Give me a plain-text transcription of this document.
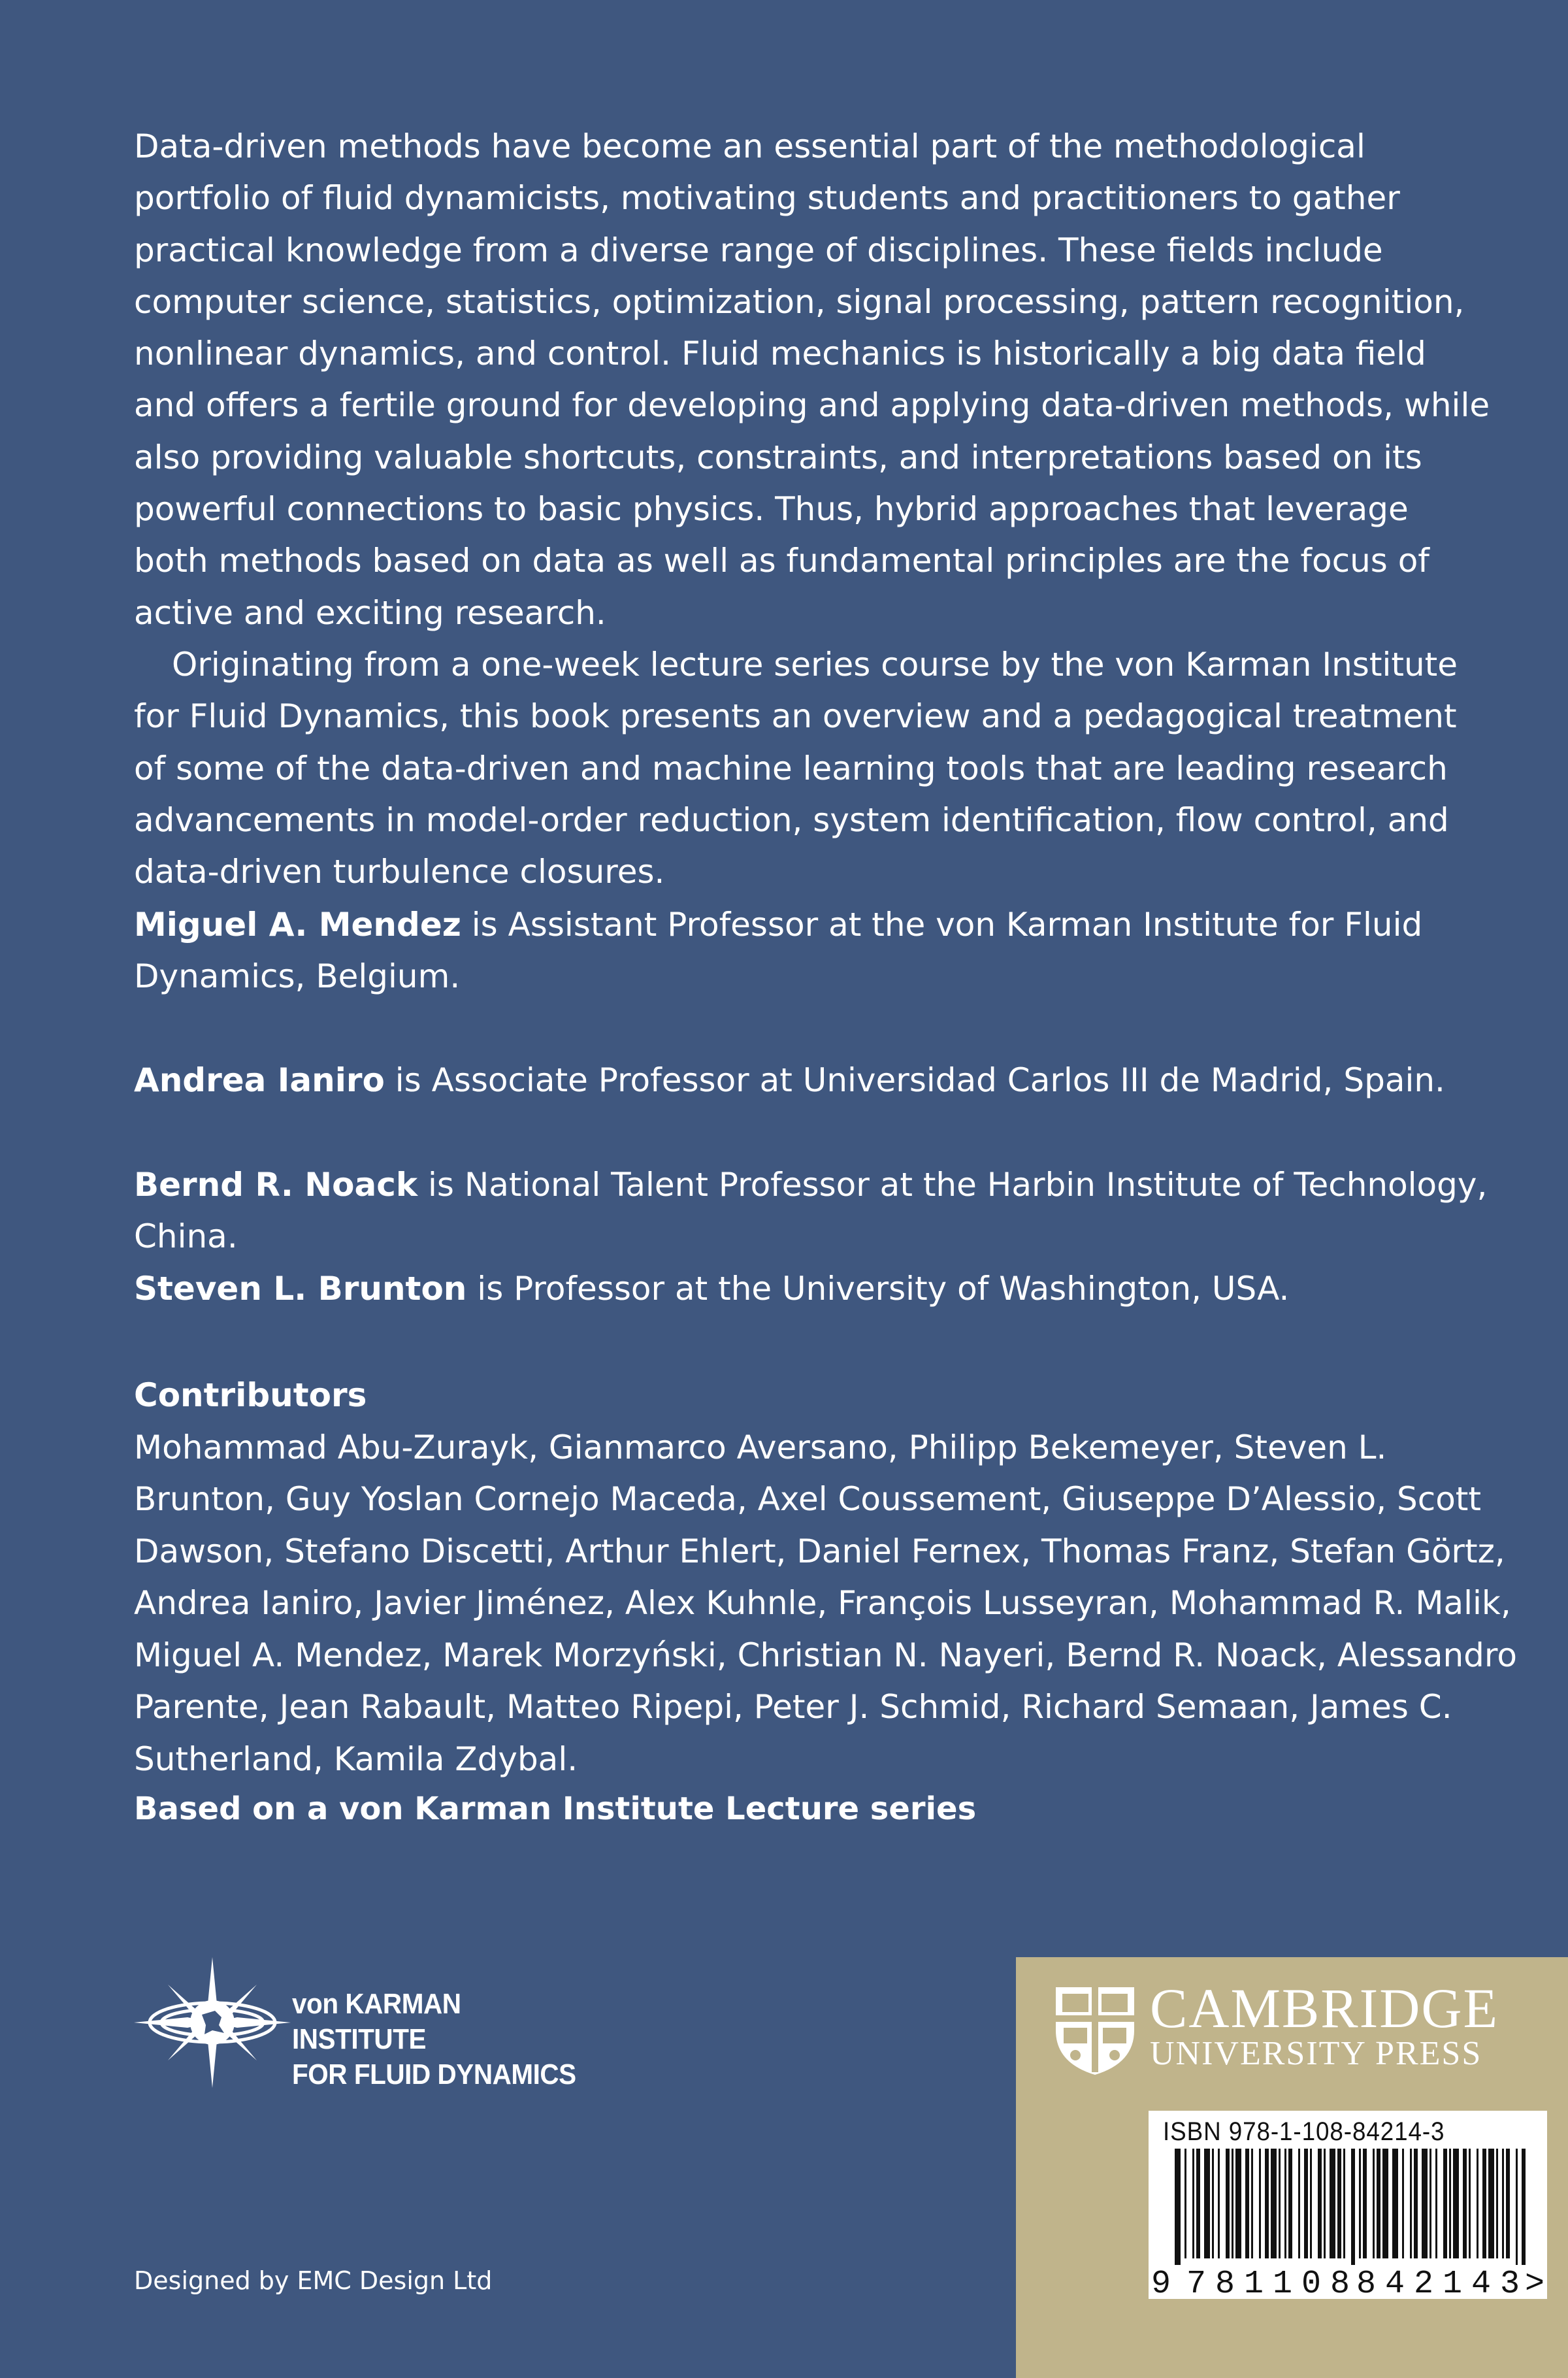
Data-driven methods have become an essential part of the methodological portfolio of fluid dynamicists, motivating students and practitioners to gather practical knowledge from a diverse range of disciplines. These fields include computer science, statistics, optimization, signal processing, pattern recognition, nonlinear dynamics, and control. Fluid mechanics is historically a big data field and offers a fertile ground for developing and applying data-driven methods, while also providing valuable shortcuts, constraints, and interpretations based on its powerful connections to basic physics. Thus, hybrid approaches that leverage both methods based on data as well as fundamental principles are the focus of active and exciting research.

Originating from a one-week lecture series course by the von Karman Institute for Fluid Dynamics, this book presents an overview and a pedagogical treatment of some of the data-driven and machine learning tools that are leading research advancements in model-order reduction, system identification, flow control, and data-driven turbulence closures.

Miguel A. Mendez is Assistant Professor at the von Karman Institute for Fluid Dynamics, Belgium.

Andrea Ianiro is Associate Professor at Universidad Carlos III de Madrid, Spain.

Bernd R. Noack is National Talent Professor at the Harbin Institute of Technology, China.

Steven L. Brunton is Professor at the University of Washington, USA.

Contributors

Mohammad Abu-Zurayk, Gianmarco Aversano, Philipp Bekemeyer, Steven L. Brunton, Guy Yoslan Cornejo Maceda, Axel Coussement, Giuseppe D’Alessio, Scott Dawson, Stefano Discetti, Arthur Ehlert, Daniel Fernex, Thomas Franz, Stefan Görtz, Andrea Ianiro, Javier Jiménez, Alex Kuhnle, François Lusseyran, Mohammad R. Malik, Miguel A. Mendez, Marek Morzyński, Christian N. Nayeri, Bernd R. Noack, Alessandro Parente, Jean Rabault, Matteo Ripepi, Peter J. Schmid, Richard Semaan, James C. Sutherland, Kamila Zdybal.

Based on a von Karman Institute Lecture series
von KARMAN INSTITUTE
FOR FLUID DYNAMICS
Designed by EMC Design Ltd
CAMBRIDGE
UNIVERSITY PRESS
ISBN 978-1-108-84214-3
9 781108 842143 >
